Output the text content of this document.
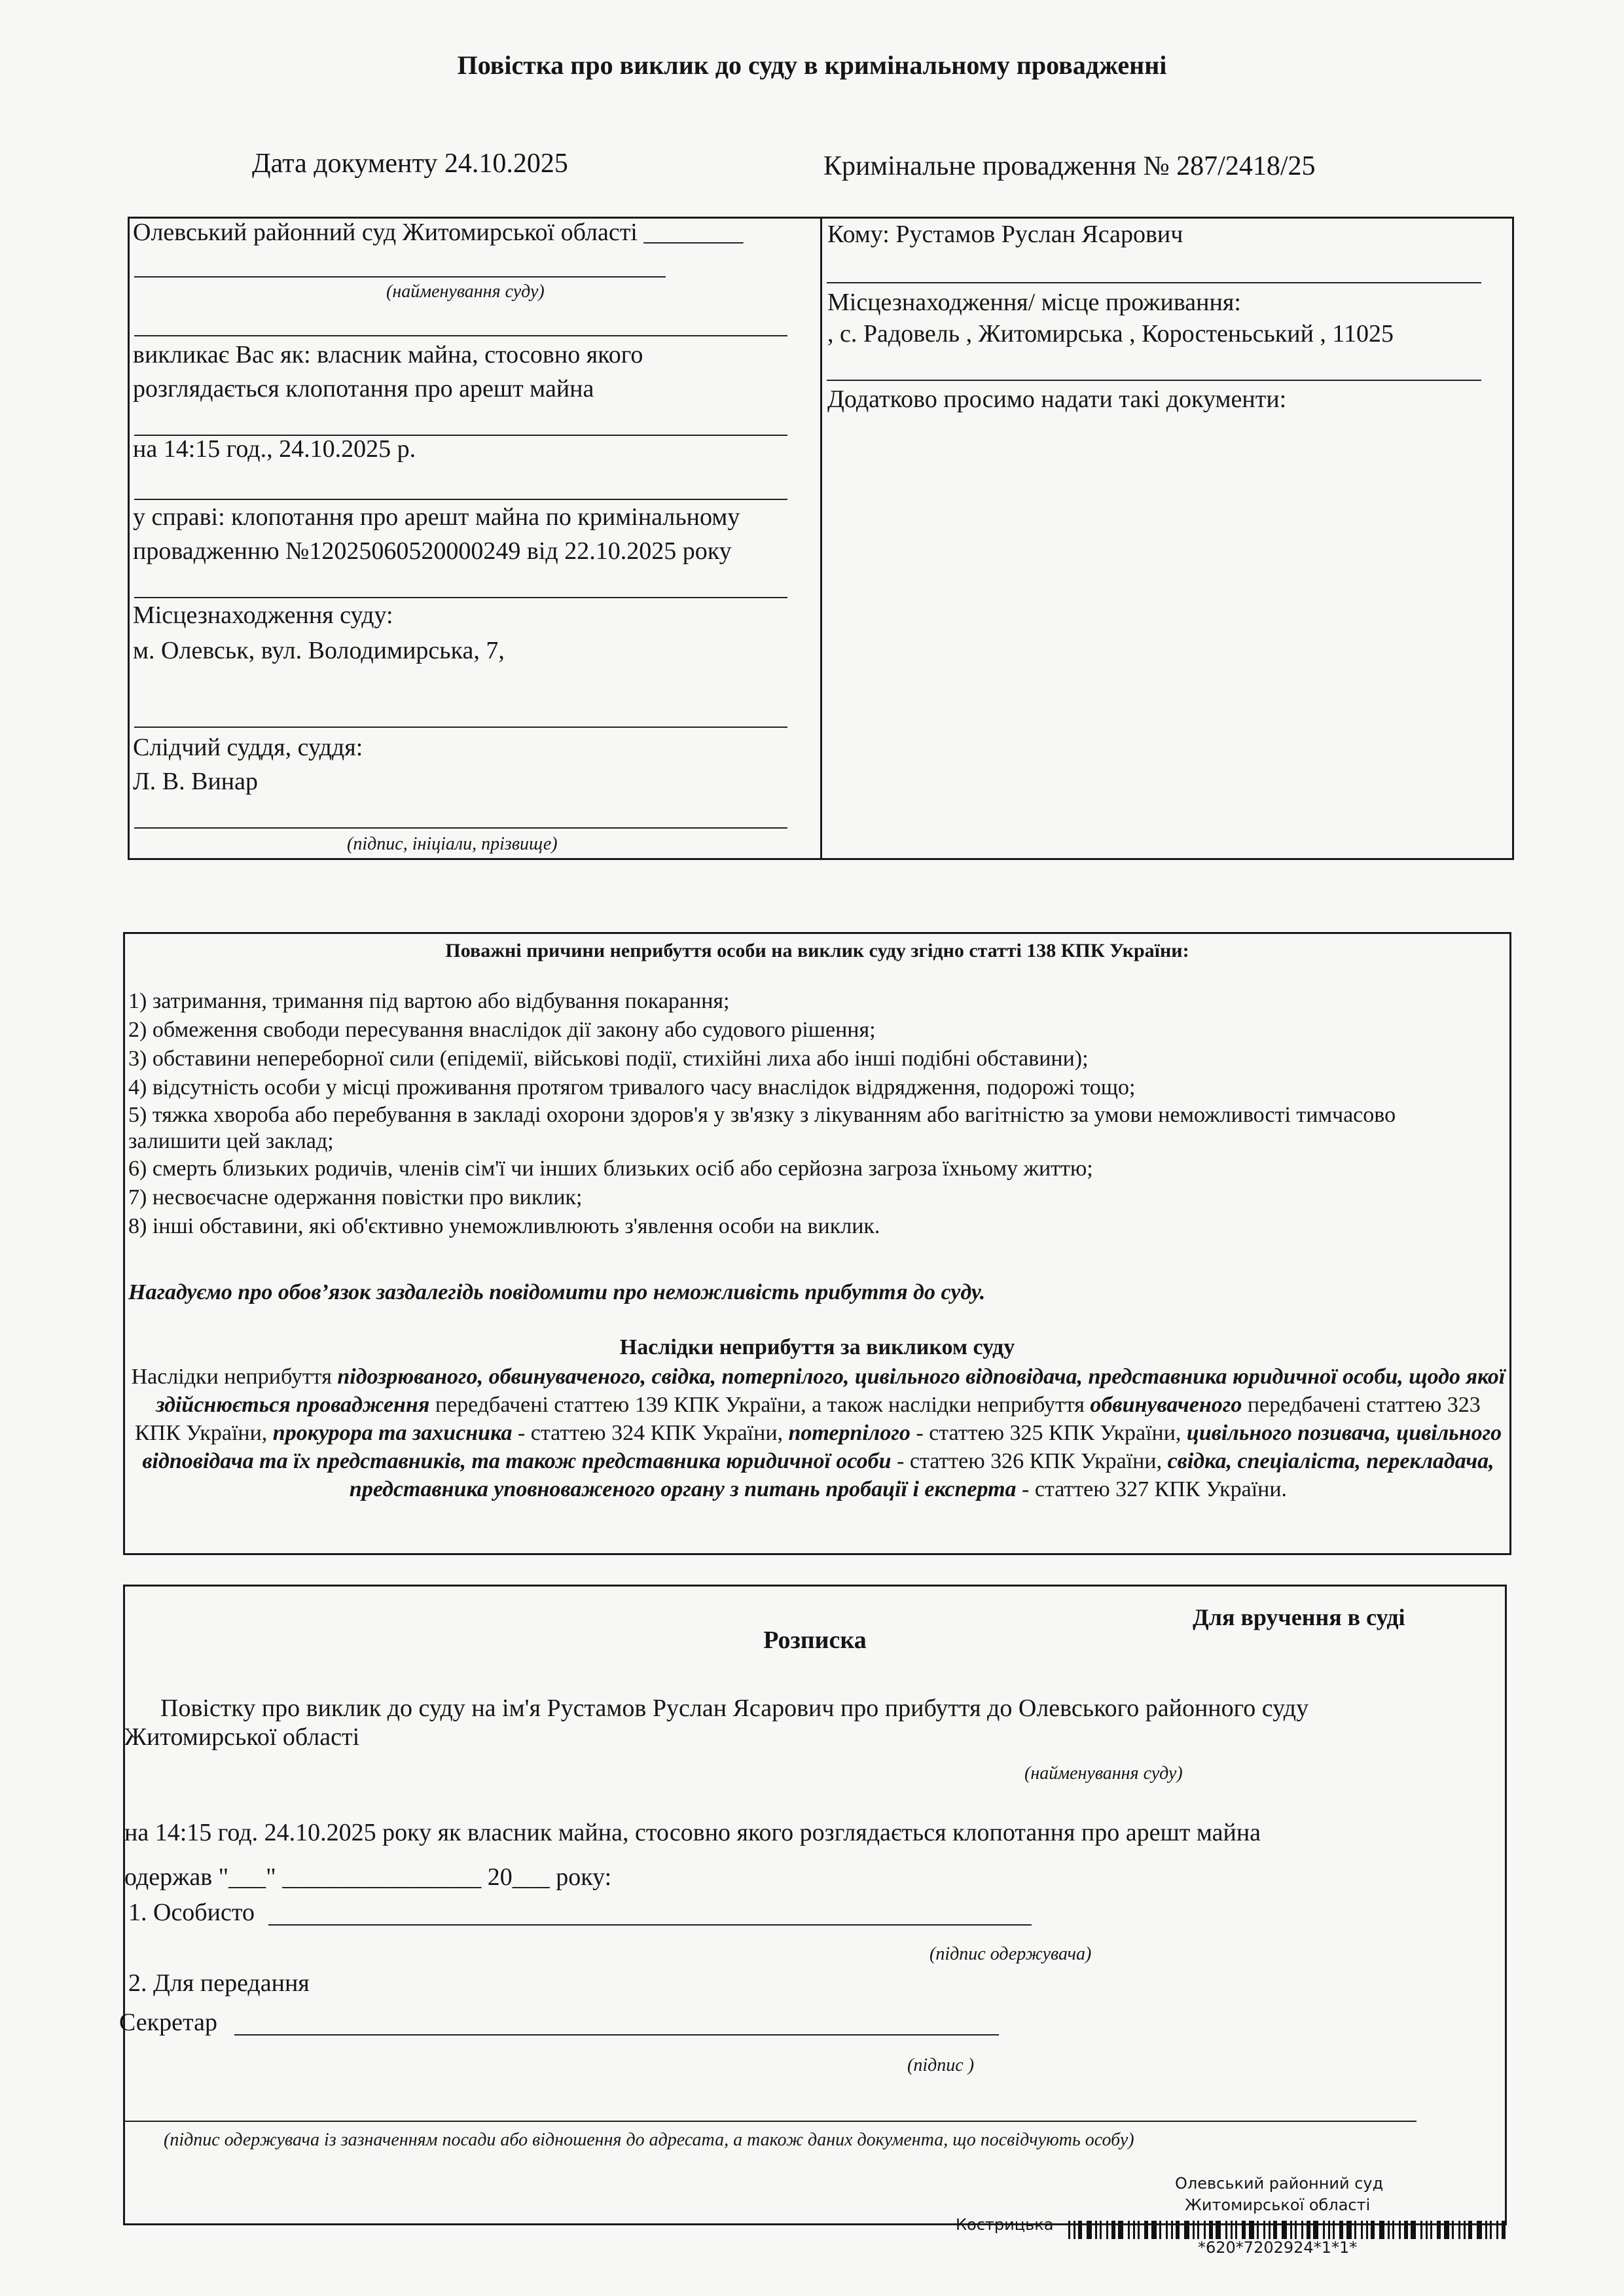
Повістка про виклик до суду в кримінальному провадженні
Дата документу 24.10.2025	Кримінальне провадження № 287/2418/25
Олевський районний суд Житомирської області ________
(найменування суду)
викликає Вас як: власник майна, стосовно якого
розглядається клопотання про арешт майна
на 14:15 год., 24.10.2025 р.
у справі: клопотання про арешт майна по кримінальному
провадженню №12025060520000249 від 22.10.2025 року
Місцезнаходження суду:
м. Олевськ, вул. Володимирська, 7,
Слідчий суддя, суддя:
Л. В. Винар
(підпис, ініціали, прізвище)
Кому: Рустамов Руслан Ясарович
Місцезнаходження/ місце проживання:
, с. Радовель , Житомирська , Коростеньський , 11025
Додатково просимо надати такі документи:
Поважні причини неприбуття особи на виклик суду згідно статті 138 КПК України:
1) затримання, тримання під вартою або відбування покарання;
2) обмеження свободи пересування внаслідок дії закону або судового рішення;
3) обставини непереборної сили (епідемії, військові події, стихійні лиха або інші подібні обставини);
4) відсутність особи у місці проживання протягом тривалого часу внаслідок відрядження, подорожі тощо;
5) тяжка хвороба або перебування в закладі охорони здоров'я у зв'язку з лікуванням або вагітністю за умови неможливості тимчасово залишити цей заклад;
6) смерть близьких родичів, членів сім'ї чи інших близьких осіб або серйозна загроза їхньому життю;
7) несвоєчасне одержання повістки про виклик;
8) інші обставини, які об'єктивно унеможливлюють з'явлення особи на виклик.
Нагадуємо про обов’язок заздалегідь повідомити про неможливість прибуття до суду.
Наслідки неприбуття за викликом суду
Наслідки неприбуття підозрюваного, обвинуваченого, свідка, потерпілого, цивільного відповідача, представника юридичної особи, щодо якої здійснюється провадження передбачені статтею 139 КПК України, а також наслідки неприбуття обвинуваченого передбачені статтею 323 КПК України, прокурора та захисника - статтею 324 КПК України, потерпілого - статтею 325 КПК України, цивільного позивача, цивільного відповідача та їх представників, та також представника юридичної особи - статтею 326 КПК України, свідка, спеціаліста, перекладача, представника уповноваженого органу з питань пробації і експерта - статтею 327 КПК України.
Для вручення в суді
Розписка
Повістку про виклик до суду на ім'я Рустамов Руслан Ясарович про прибуття до Олевського районного суду
Житомирської області
(найменування суду)
на 14:15 год. 24.10.2025 року як власник майна, стосовно якого розглядається клопотання про арешт майна
одержав "___" ________________ 20___ року:
1. Особисто
(підпис одержувача)
2. Для передання
Секретар
(підпис )
(підпис одержувача із зазначенням посади або відношення до адресата, а також даних документа, що посвідчують особу)
Олевський районний суд
Житомирської області
Кострицька
*620*7202924*1*1*
